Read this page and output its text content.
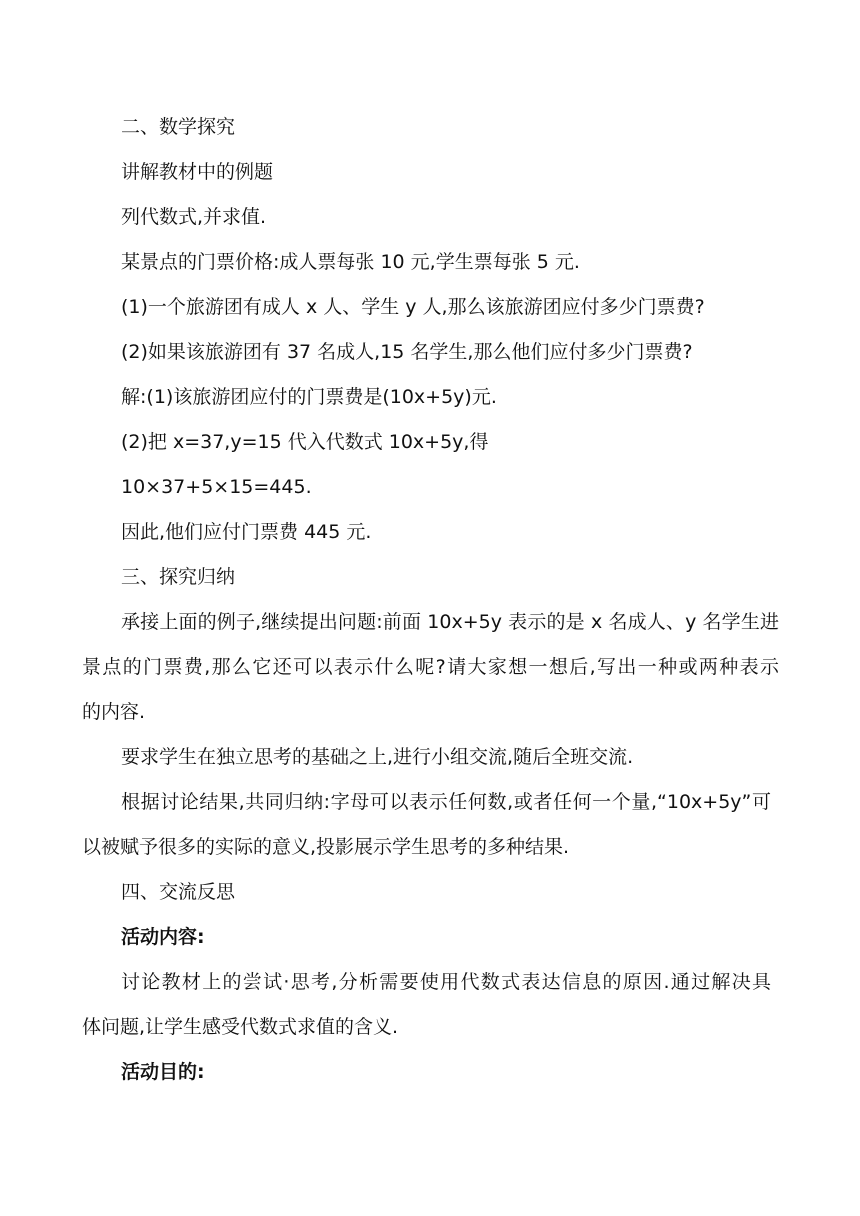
二、数学探究
讲解教材中的例题
列代数式,并求值.
某景点的门票价格:成人票每张 10 元,学生票每张 5 元.
(1)一个旅游团有成人 x 人、学生 y 人,那么该旅游团应付多少门票费?
(2)如果该旅游团有 37 名成人,15 名学生,那么他们应付多少门票费?
解:(1)该旅游团应付的门票费是(10x+5y)元.
(2)把 x=37,y=15 代入代数式 10x+5y,得
10×37+5×15=445.
因此,他们应付门票费 445 元.
三、探究归纳
承接上面的例子,继续提出问题:前面 10x+5y 表示的是 x 名成人、y 名学生进
景点的门票费,那么它还可以表示什么呢?请大家想一想后,写出一种或两种表示
的内容.
要求学生在独立思考的基础之上,进行小组交流,随后全班交流.
根据讨论结果,共同归纳:字母可以表示任何数,或者任何一个量,“10x+5y”可
以被赋予很多的实际的意义,投影展示学生思考的多种结果.
四、交流反思
活动内容:
讨论教材上的尝试·思考,分析需要使用代数式表达信息的原因.通过解决具
体问题,让学生感受代数式求值的含义.
活动目的:
